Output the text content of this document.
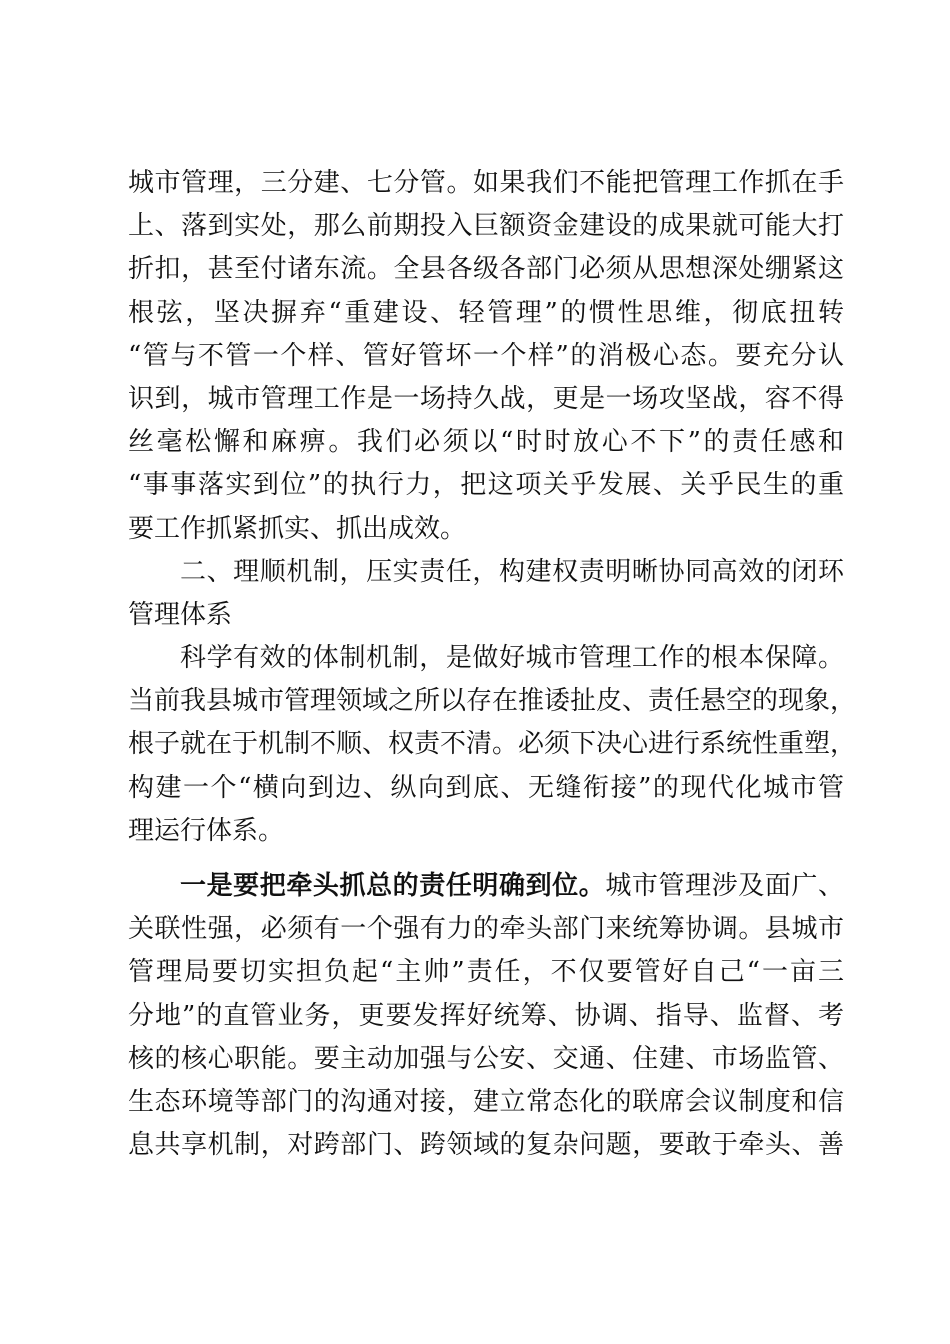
城市管理，三分建、七分管。如果我们不能把管理工作抓在手
上、落到实处，那么前期投入巨额资金建设的成果就可能大打
折扣，甚至付诸东流。全县各级各部门必须从思想深处绷紧这
根弦，坚决摒弃“重建设、轻管理”的惯性思维，彻底扭转
“管与不管一个样、管好管坏一个样”的消极心态。要充分认
识到，城市管理工作是一场持久战，更是一场攻坚战，容不得
丝毫松懈和麻痹。我们必须以“时时放心不下”的责任感和
“事事落实到位”的执行力，把这项关乎发展、关乎民生的重
要工作抓紧抓实、抓出成效。
二、理顺机制，压实责任，构建权责明晰协同高效的闭环
管理体系
科学有效的体制机制，是做好城市管理工作的根本保障。
当前我县城市管理领域之所以存在推诿扯皮、责任悬空的现象，
根子就在于机制不顺、权责不清。必须下决心进行系统性重塑，
构建一个“横向到边、纵向到底、无缝衔接”的现代化城市管
理运行体系。
一是要把牵头抓总的责任明确到位。城市管理涉及面广、
关联性强，必须有一个强有力的牵头部门来统筹协调。县城市
管理局要切实担负起“主帅”责任，不仅要管好自己“一亩三
分地”的直管业务，更要发挥好统筹、协调、指导、监督、考
核的核心职能。要主动加强与公安、交通、住建、市场监管、
生态环境等部门的沟通对接，建立常态化的联席会议制度和信
息共享机制，对跨部门、跨领域的复杂问题，要敢于牵头、善
